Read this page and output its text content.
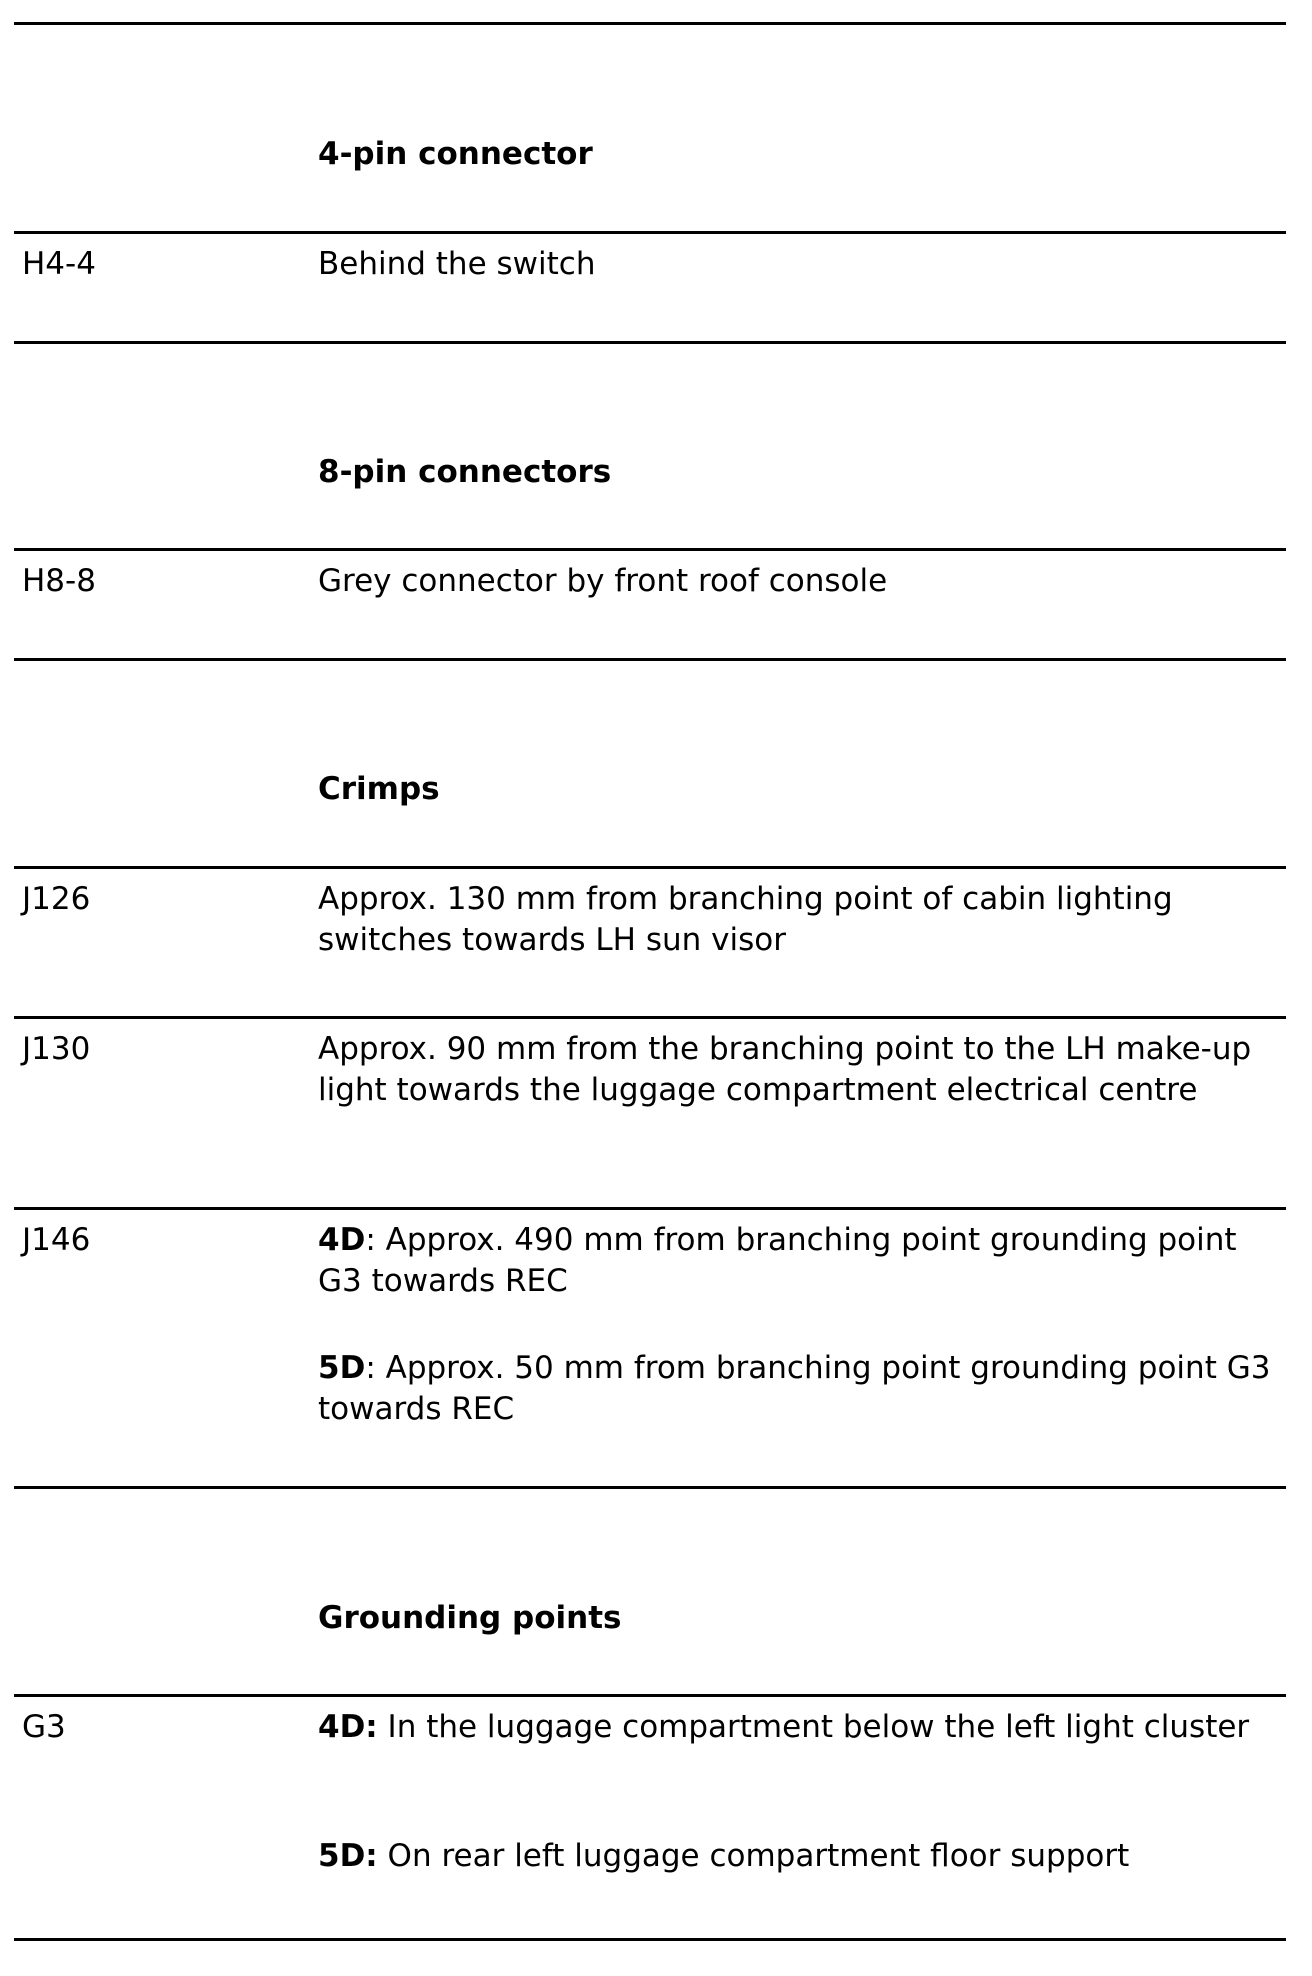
4-pin connector
H4-4	Behind the switch
8-pin connectors
H8-8	Grey connector by front roof console
Crimps
J126	Approx. 130 mm from branching point of cabin lighting switches towards LH sun visor
J130	Approx. 90 mm from the branching point to the LH make-up light towards the luggage compartment electrical centre
J146	4D: Approx. 490 mm from branching point grounding point G3 towards REC
5D: Approx. 50 mm from branching point grounding point G3 towards REC
Grounding points
G3	4D: In the luggage compartment below the left light cluster
5D: On rear left luggage compartment floor support
